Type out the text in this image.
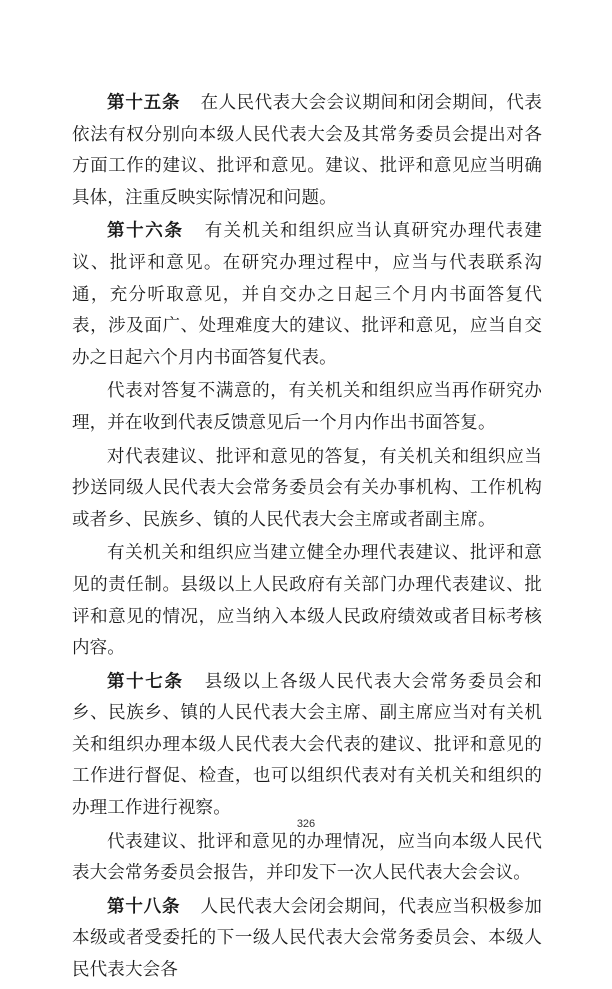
第十五条 在人民代表大会会议期间和闭会期间，代表依法有权分别向本级人民代表大会及其常务委员会提出对各方面工作的建议、批评和意见。建议、批评和意见应当明确具体，注重反映实际情况和问题。

第十六条 有关机关和组织应当认真研究办理代表建议、批评和意见。在研究办理过程中，应当与代表联系沟通，充分听取意见，并自交办之日起三个月内书面答复代表，涉及面广、处理难度大的建议、批评和意见，应当自交办之日起六个月内书面答复代表。

代表对答复不满意的，有关机关和组织应当再作研究办理，并在收到代表反馈意见后一个月内作出书面答复。

对代表建议、批评和意见的答复，有关机关和组织应当抄送同级人民代表大会常务委员会有关办事机构、工作机构或者乡、民族乡、镇的人民代表大会主席或者副主席。

有关机关和组织应当建立健全办理代表建议、批评和意见的责任制。县级以上人民政府有关部门办理代表建议、批评和意见的情况，应当纳入本级人民政府绩效或者目标考核内容。

第十七条 县级以上各级人民代表大会常务委员会和乡、民族乡、镇的人民代表大会主席、副主席应当对有关机关和组织办理本级人民代表大会代表的建议、批评和意见的工作进行督促、检查，也可以组织代表对有关机关和组织的办理工作进行视察。

代表建议、批评和意见的办理情况，应当向本级人民代表大会常务委员会报告，并印发下一次人民代表大会会议。

第十八条 人民代表大会闭会期间，代表应当积极参加本级或者受委托的下一级人民代表大会常务委员会、本级人民代表大会各

326
